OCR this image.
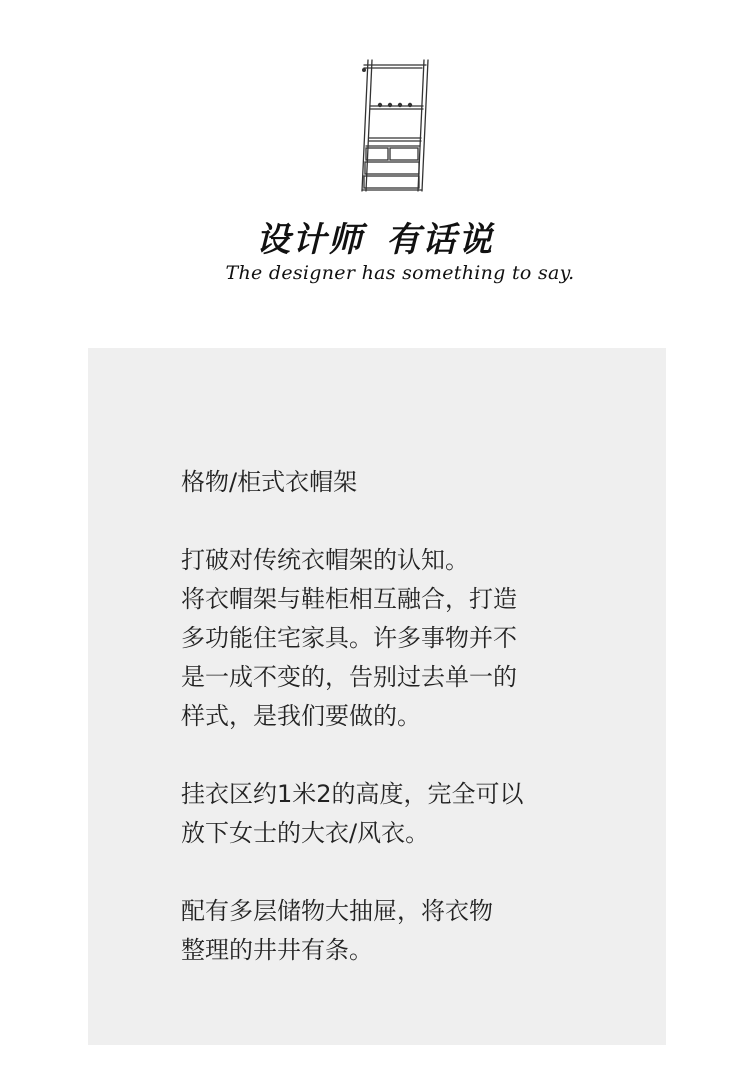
设计师 有话说
The designer has something to say.
格物/柜式衣帽架
打破对传统衣帽架的认知。
将衣帽架与鞋柜相互融合，打造
多功能住宅家具。许多事物并不
是一成不变的，告别过去单一的
样式，是我们要做的。
挂衣区约1米2的高度，完全可以
放下女士的大衣/风衣。
配有多层储物大抽屉，将衣物
整理的井井有条。
